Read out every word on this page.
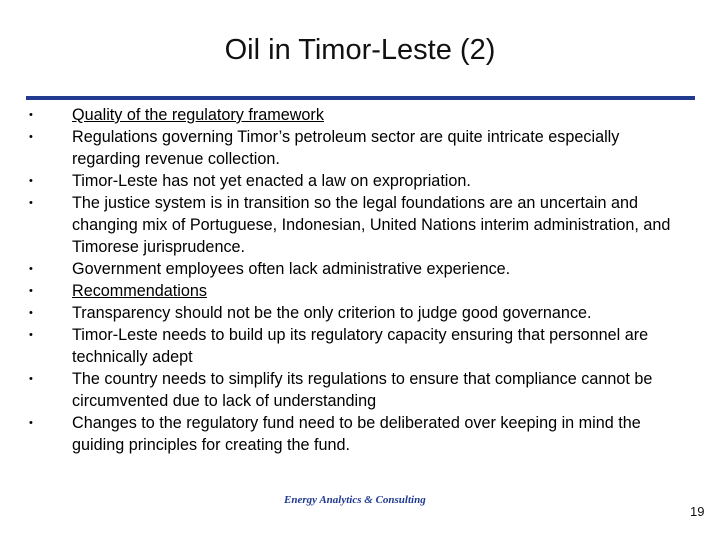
Oil in Timor-Leste (2)
•	Quality of the regulatory framework
•	Regulations governing Timor’s petroleum sector are quite intricate especially regarding revenue collection.
•	Timor-Leste has not yet enacted a law on expropriation.
•	The justice system is in transition so the legal foundations are an uncertain and changing mix of Portuguese, Indonesian, United Nations interim administration, and Timorese jurisprudence.
•	Government employees often lack administrative experience.
•	Recommendations
•	Transparency should not be the only criterion to judge good governance.
•	Timor-Leste needs to build up its regulatory capacity ensuring that personnel are technically adept
•	The country needs to simplify its regulations to ensure that compliance cannot be circumvented due to lack of understanding
•	Changes to the regulatory fund need to be deliberated over keeping in mind the guiding principles for creating the fund.
Energy Analytics & Consulting
19
